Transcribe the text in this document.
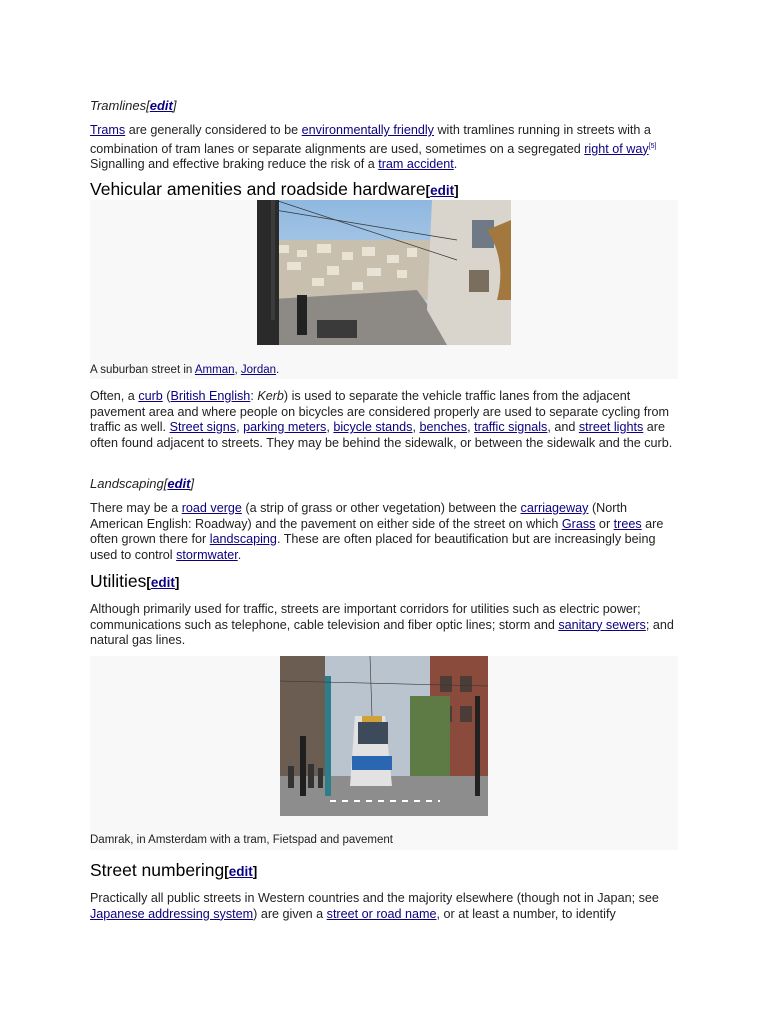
Tramlines[edit]

Trams are generally considered to be environmentally friendly with tramlines running in streets with a combination of tram lanes or separate alignments are used, sometimes on a segregated right of way[5] Signalling and effective braking reduce the risk of a tram accident.

Vehicular amenities and roadside hardware[edit]
A suburban street in Amman, Jordan.

Often, a curb (British English: Kerb) is used to separate the vehicle traffic lanes from the adjacent pavement area and where people on bicycles are considered properly are used to separate cycling from traffic as well. Street signs, parking meters, bicycle stands, benches, traffic signals, and street lights are often found adjacent to streets. They may be behind the sidewalk, or between the sidewalk and the curb.

Landscaping[edit]

There may be a road verge (a strip of grass or other vegetation) between the carriageway (North American English: Roadway) and the pavement on either side of the street on which Grass or trees are often grown there for landscaping. These are often placed for beautification but are increasingly being used to control stormwater.

Utilities[edit]

Although primarily used for traffic, streets are important corridors for utilities such as electric power; communications such as telephone, cable television and fiber optic lines; storm and sanitary sewers; and natural gas lines.

Damrak, in Amsterdam with a tram, Fietspad and pavement
Street numbering[edit]

Practically all public streets in Western countries and the majority elsewhere (though not in Japan; see Japanese addressing system) are given a street or road name, or at least a number, to identify
